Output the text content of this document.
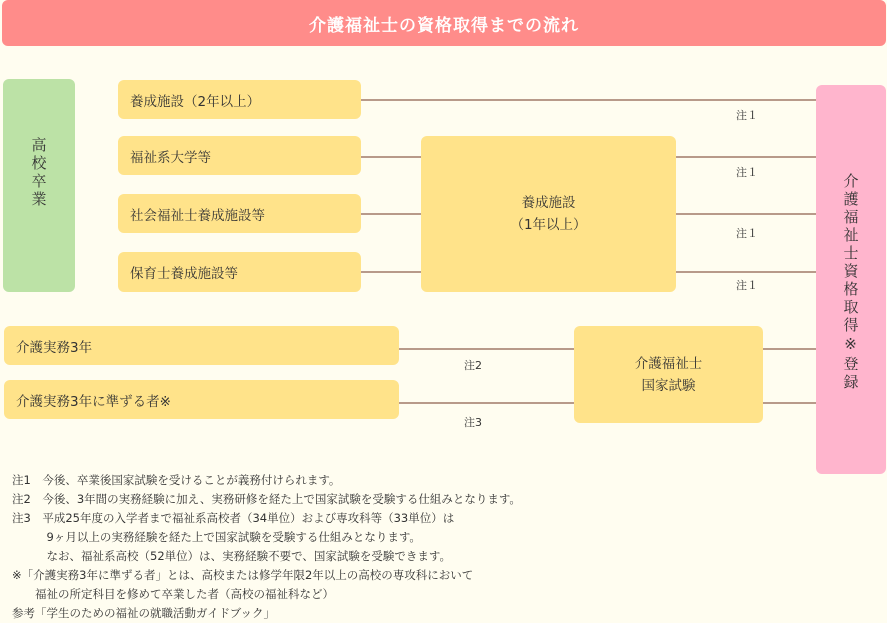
介護福祉士の資格取得までの流れ
高校卒業	介護福祉士資格取得※登録
養成施設（2年以上）
福祉系大学等
社会福祉士養成施設等
保育士養成施設等
養成施設
（1年以上）
介護実務3年
介護実務3年に準ずる者※
介護福祉士
国家試験
注１
注１
注１
注１
注2
注3
注1　今後、卒業後国家試験を受けることが義務付けられます。
注2　今後、3年間の実務経験に加え、実務研修を経た上で国家試験を受験する仕組みとなります。
注3　平成25年度の入学者まで福祉系高校者（34単位）および専攻科等（33単位）は
　　　9ヶ月以上の実務経験を経た上で国家試験を受験する仕組みとなります。
　　　なお、福祉系高校（52単位）は、実務経験不要で、国家試験を受験できます。
※「介護実務3年に準ずる者」とは、高校または修学年限2年以上の高校の専攻科において
　　福祉の所定科目を修めて卒業した者（高校の福祉科など）
参考「学生のための福祉の就職活動ガイドブック」
